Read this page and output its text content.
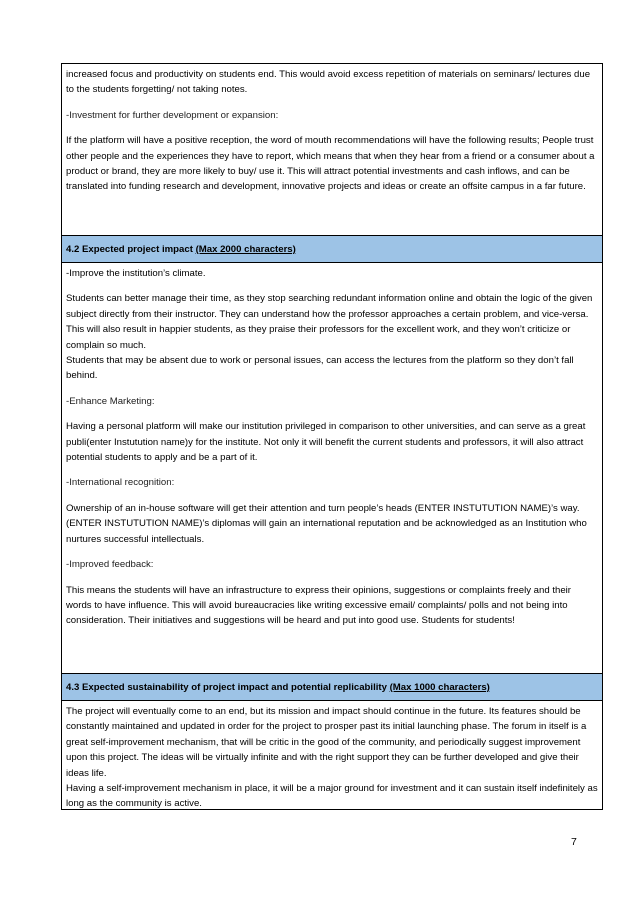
increased focus and productivity on students end. This would avoid excess repetition of materials on seminars/ lectures due to the students forgetting/ not taking notes.

-Investment for further development or expansion:

If the platform will have a positive reception, the word of mouth recommendations will have the following results; People trust other people and the experiences they have to report, which means that when they hear from a friend or a consumer about a product or brand, they are more likely to buy/ use it. This will attract potential investments and cash inflows, and can be translated into funding research and development, innovative projects and ideas or create an offsite campus in a far future.

4.2 Expected project impact (Max 2000 characters)

-Improve the institution’s climate.

Students can better manage their time, as they stop searching redundant information online and obtain the logic of the given subject directly from their instructor. They can understand how the professor approaches a certain problem, and vice-versa. This will also result in happier students, as they praise their professors for the excellent work, and they won’t criticize or complain so much.

Students that may be absent due to work or personal issues, can access the lectures from the platform so they don’t fall behind.

-Enhance Marketing:

Having a personal platform will make our institution privileged in comparison to other universities, and can serve as a great publi(enter Instutution name)y for the institute. Not only it will benefit the current students and professors, it will also attract potential students to apply and be a part of it.

-International recognition:

Ownership of an in-house software will get their attention and turn people’s heads (ENTER INSTUTUTION NAME)’s way. (ENTER INSTUTUTION NAME)’s diplomas will gain an international reputation and be acknowledged as an Institution who nurtures successful intellectuals.

-Improved feedback:

This means the students will have an infrastructure to express their opinions, suggestions or complaints freely and their words to have influence. This will avoid bureaucracies like writing excessive email/ complaints/ polls and not being into consideration. Their initiatives and suggestions will be heard and put into good use. Students for students!

4.3 Expected sustainability of project impact and potential replicability (Max 1000 characters)

The project will eventually come to an end, but its mission and impact should continue in the future. Its features should be constantly maintained and updated in order for the project to prosper past its initial launching phase. The forum in itself is a great self-improvement mechanism, that will be critic in the good of the community, and periodically suggest improvement upon this project. The ideas will be virtually infinite and with the right support they can be further developed and give their ideas life.

Having a self-improvement mechanism in place, it will be a major ground for investment and it can sustain itself indefinitely as long as the community is active.

7
